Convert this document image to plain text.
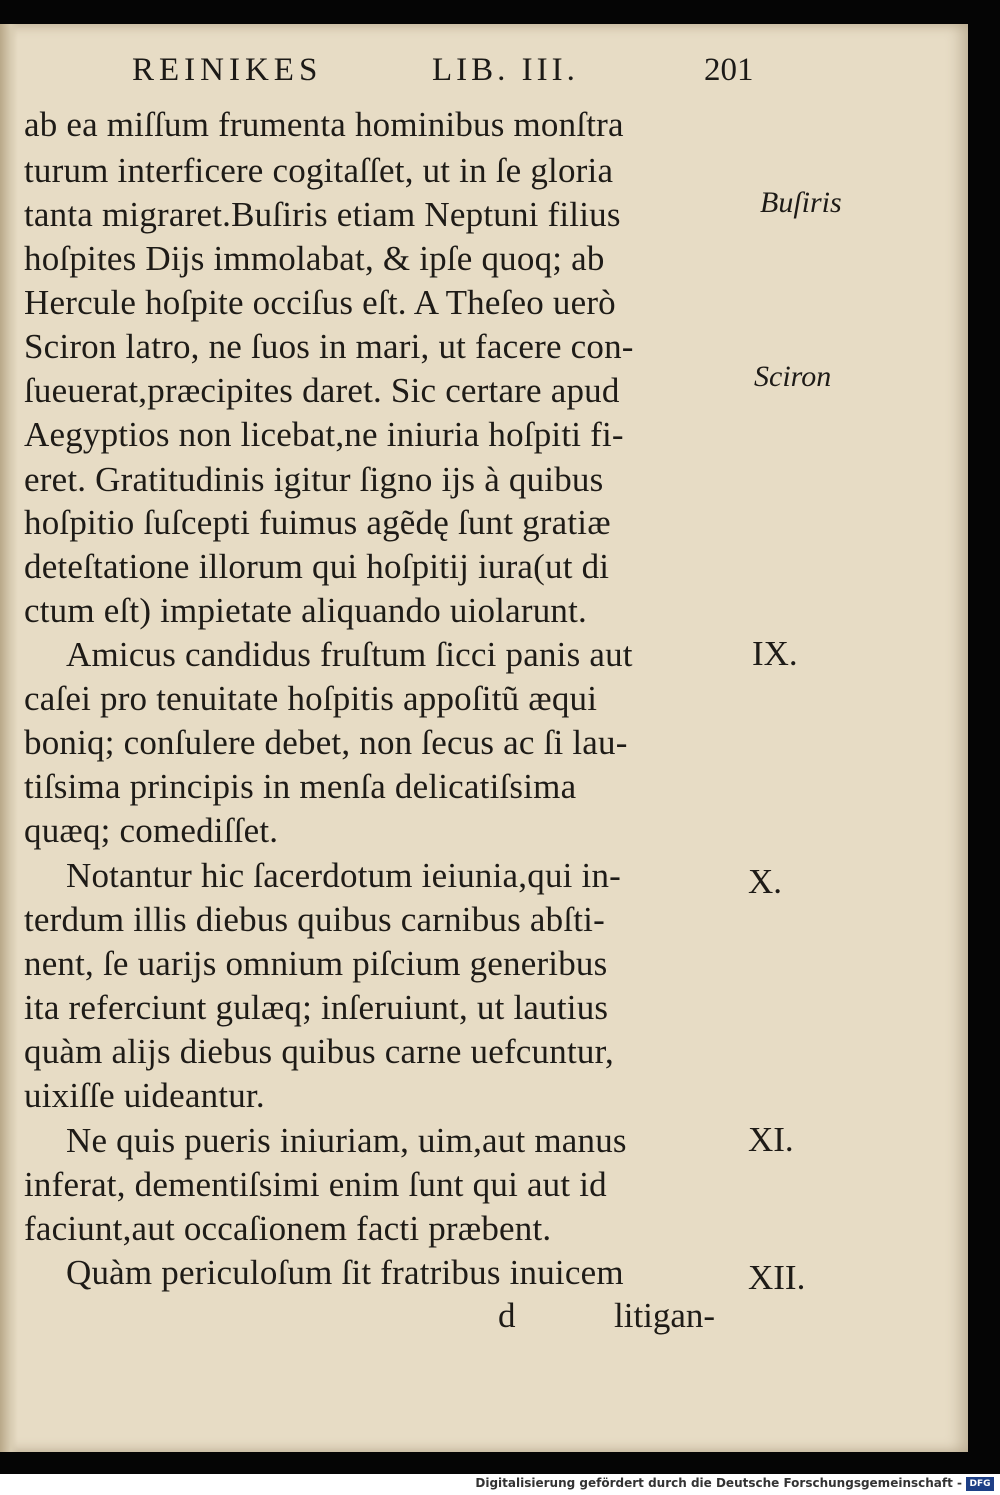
REINIKES	LIB. III.	201
ab ea miſſum frumenta hominibus monſtra
turum interficere cogitaſſet, ut in ſe gloria
tanta migraret.Buſiris etiam Neptuni filius
hoſpites Dijs immolabat, & ipſe quoq; ab
Hercule hoſpite occiſus eſt. A Theſeo uerò
Sciron latro, ne ſuos in mari, ut facere con-
ſueuerat,præcipites daret. Sic certare apud
Aegyptios non licebat,ne iniuria hoſpiti fi-
eret. Gratitudinis igitur ſigno ijs à quibus
hoſpitio ſuſcepti fuimus agẽdę ſunt gratiæ
deteſtatione illorum qui hoſpitij iura(ut di
ctum eſt) impietate aliquando uiolarunt.
Amicus candidus fruſtum ſicci panis aut
caſei pro tenuitate hoſpitis appoſitũ æqui
boniq; conſulere debet, non ſecus ac ſi lau-
tiſsima principis in menſa delicatiſsima
quæq; comediſſet.
Notantur hic ſacerdotum ieiunia,qui in-
terdum illis diebus quibus carnibus abſti-
nent, ſe uarijs omnium piſcium generibus
ita referciunt gulæq; inſeruiunt, ut lautius
quàm alijs diebus quibus carne uefcuntur,
uixiſſe uideantur.
Ne quis pueris iniuriam, uim,aut manus
inferat, dementiſsimi enim ſunt qui aut id
faciunt,aut occaſionem facti præbent.
Quàm periculoſum ſit fratribus inuicem
Buſiris
Sciron
IX.
X.
XI.
XII.
d	litigan-
Digitalisierung gefördert durch die Deutsche Forschungsgemeinschaft - DFG
